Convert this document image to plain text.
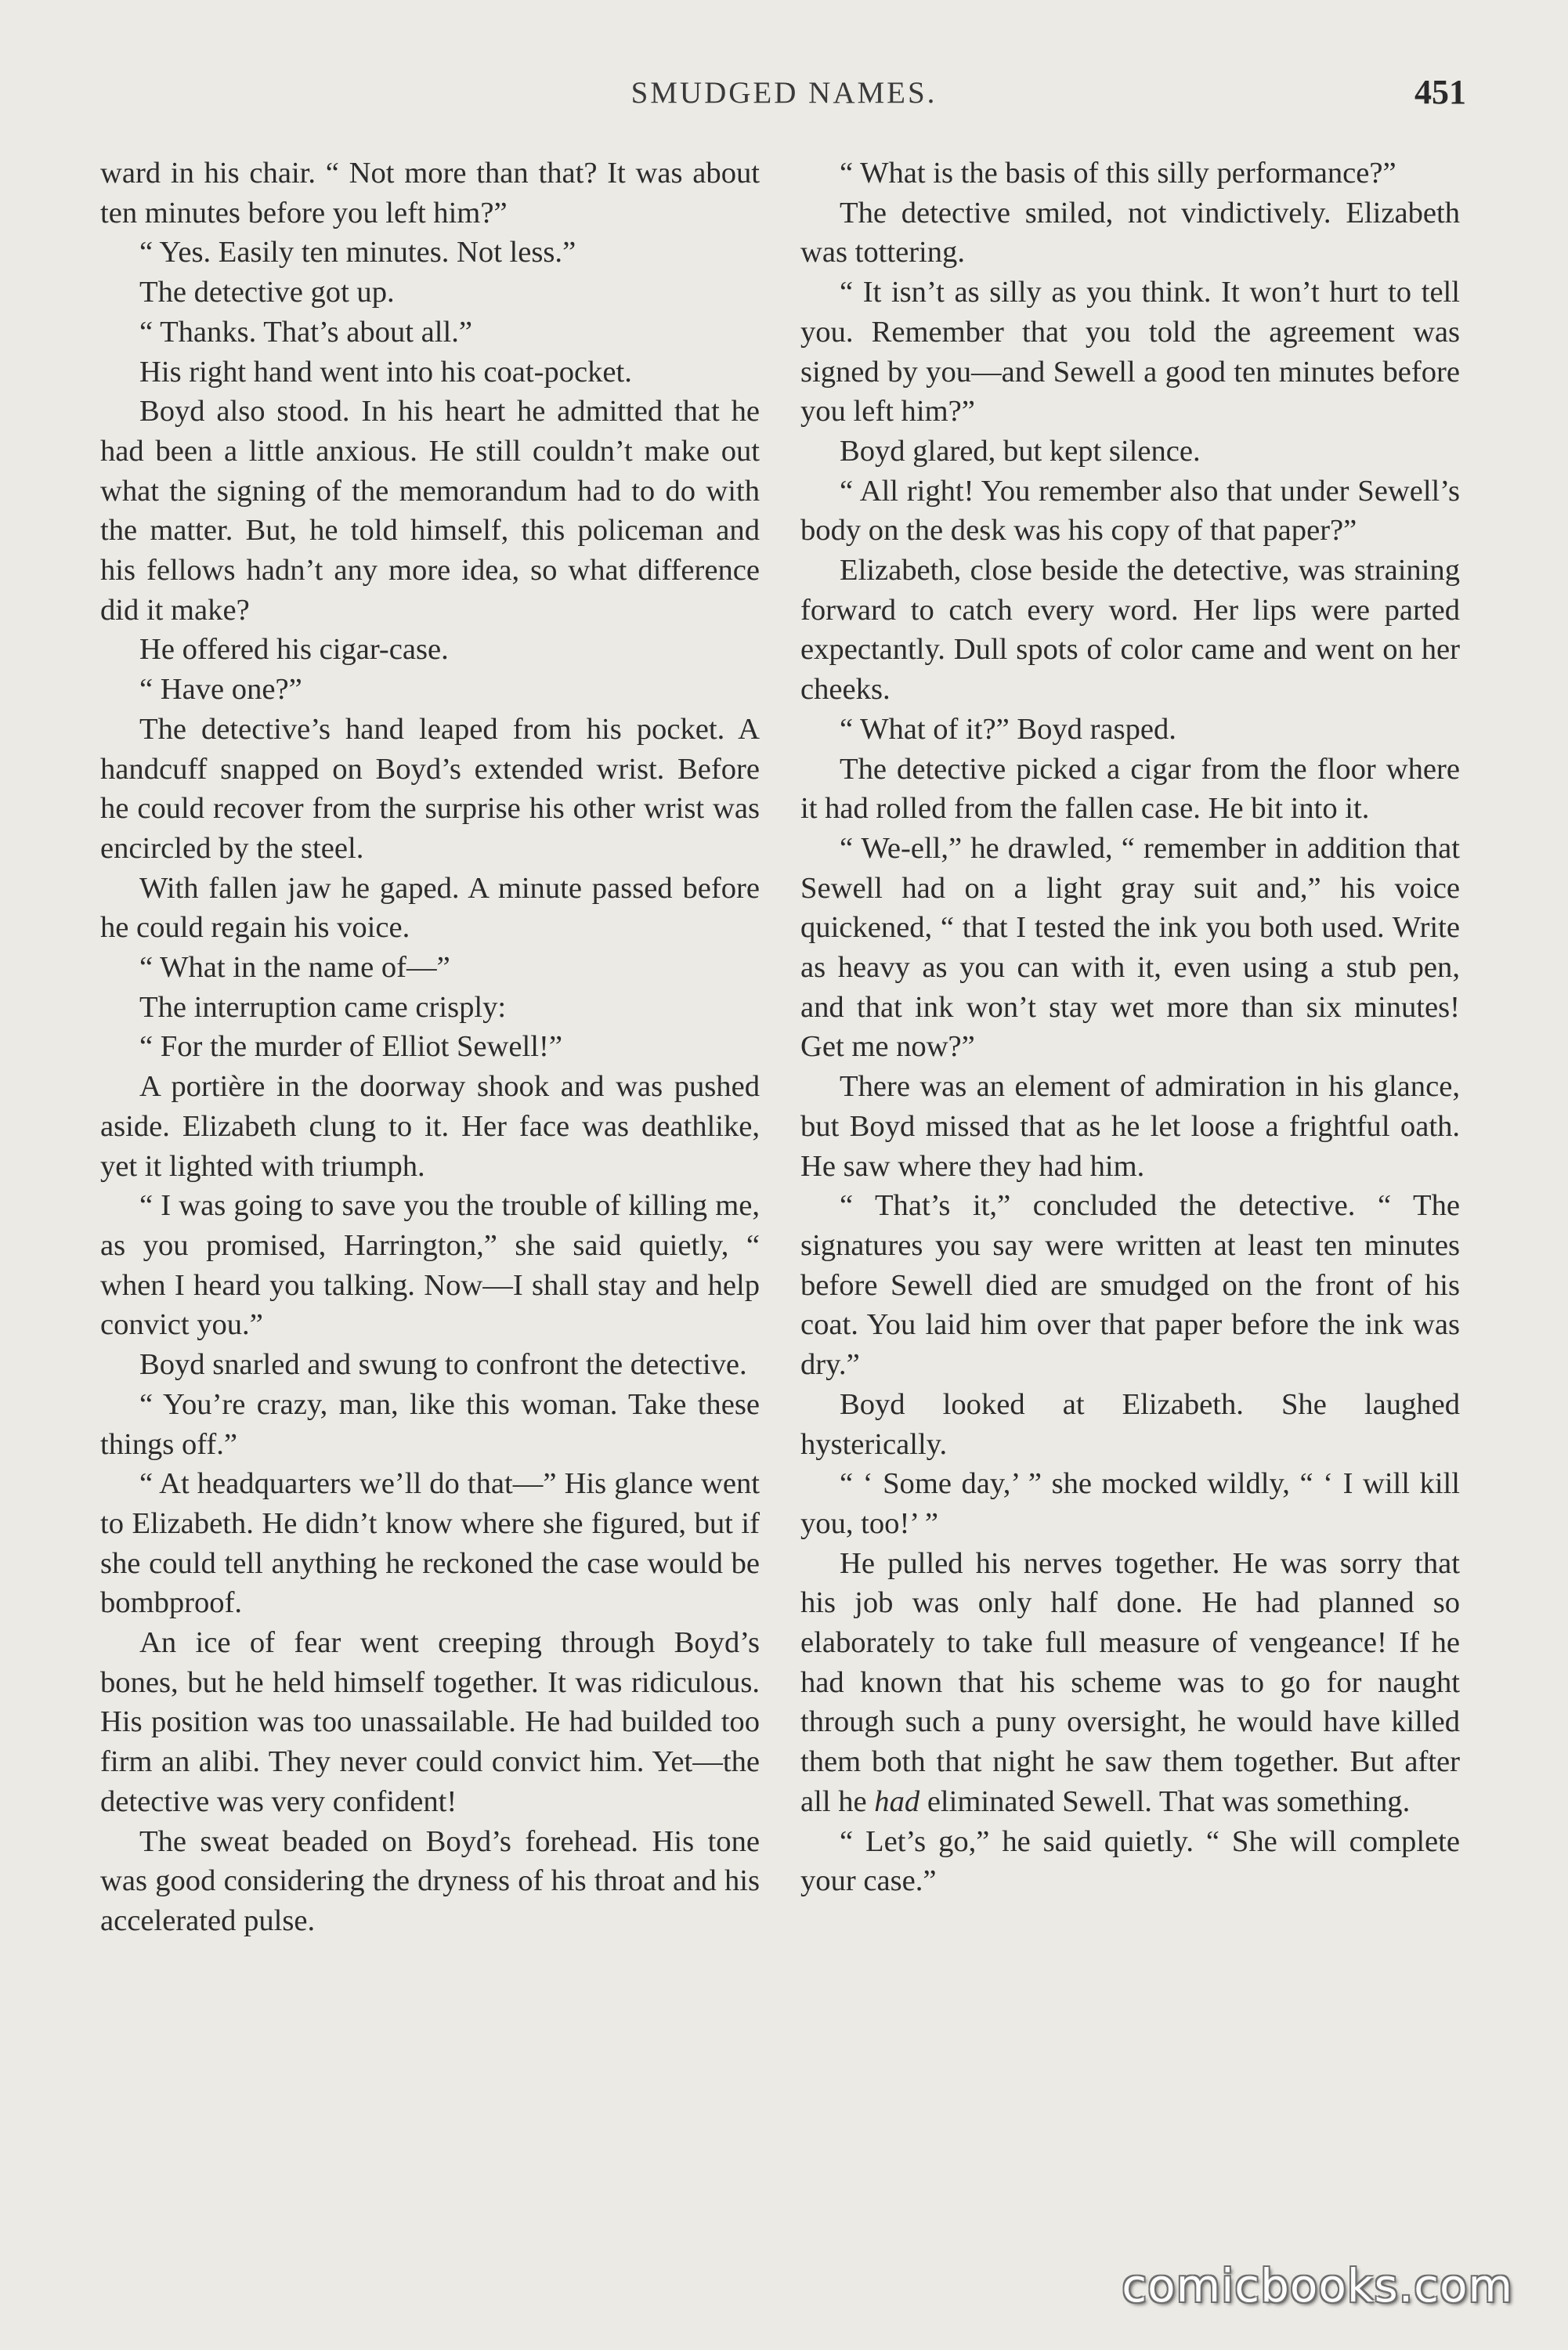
SMUDGED NAMES.	451

ward in his chair. “ Not more than that? It was about ten minutes before you left him?”

“ Yes. Easily ten minutes. Not less.”

The detective got up.

“ Thanks. That’s about all.”

His right hand went into his coat-pocket.

Boyd also stood. In his heart he admitted that he had been a little anxious. He still couldn’t make out what the signing of the memorandum had to do with the matter. But, he told himself, this policeman and his fellows hadn’t any more idea, so what difference did it make?

He offered his cigar-case.

“ Have one?”

The detective’s hand leaped from his pocket. A handcuff snapped on Boyd’s extended wrist. Before he could recover from the surprise his other wrist was encircled by the steel.

With fallen jaw he gaped. A minute passed before he could regain his voice.

“ What in the name of—”

The interruption came crisply:

“ For the murder of Elliot Sewell!”

A portière in the doorway shook and was pushed aside. Elizabeth clung to it. Her face was deathlike, yet it lighted with triumph.

“ I was going to save you the trouble of killing me, as you promised, Harrington,” she said quietly, “ when I heard you talking. Now—I shall stay and help convict you.”

Boyd snarled and swung to confront the detective.

“ You’re crazy, man, like this woman. Take these things off.”

“ At headquarters we’ll do that—” His glance went to Elizabeth. He didn’t know where she figured, but if she could tell anything he reckoned the case would be bombproof.

An ice of fear went creeping through Boyd’s bones, but he held himself together. It was ridiculous. His position was too unassailable. He had builded too firm an alibi. They never could convict him. Yet—the detective was very confident!

The sweat beaded on Boyd’s forehead. His tone was good considering the dryness of his throat and his accelerated pulse.

“ What is the basis of this silly performance?”

The detective smiled, not vindictively. Elizabeth was tottering.

“ It isn’t as silly as you think. It won’t hurt to tell you. Remember that you told the agreement was signed by you—and Sewell a good ten minutes before you left him?”

Boyd glared, but kept silence.

“ All right! You remember also that under Sewell’s body on the desk was his copy of that paper?”

Elizabeth, close beside the detective, was straining forward to catch every word. Her lips were parted expectantly. Dull spots of color came and went on her cheeks.

“ What of it?” Boyd rasped.

The detective picked a cigar from the floor where it had rolled from the fallen case. He bit into it.

“ We-ell,” he drawled, “ remember in addition that Sewell had on a light gray suit and,” his voice quickened, “ that I tested the ink you both used. Write as heavy as you can with it, even using a stub pen, and that ink won’t stay wet more than six minutes! Get me now?”

There was an element of admiration in his glance, but Boyd missed that as he let loose a frightful oath. He saw where they had him.

“ That’s it,” concluded the detective. “ The signatures you say were written at least ten minutes before Sewell died are smudged on the front of his coat. You laid him over that paper before the ink was dry.”

Boyd looked at Elizabeth. She laughed hysterically.

“ ‘ Some day,’ ” she mocked wildly, “ ‘ I will kill you, too!’ ”

He pulled his nerves together. He was sorry that his job was only half done. He had planned so elaborately to take full measure of vengeance! If he had known that his scheme was to go for naught through such a puny oversight, he would have killed them both that night he saw them together. But after all he had eliminated Sewell. That was something.

“ Let’s go,” he said quietly. “ She will complete your case.”

comicbooks.com
